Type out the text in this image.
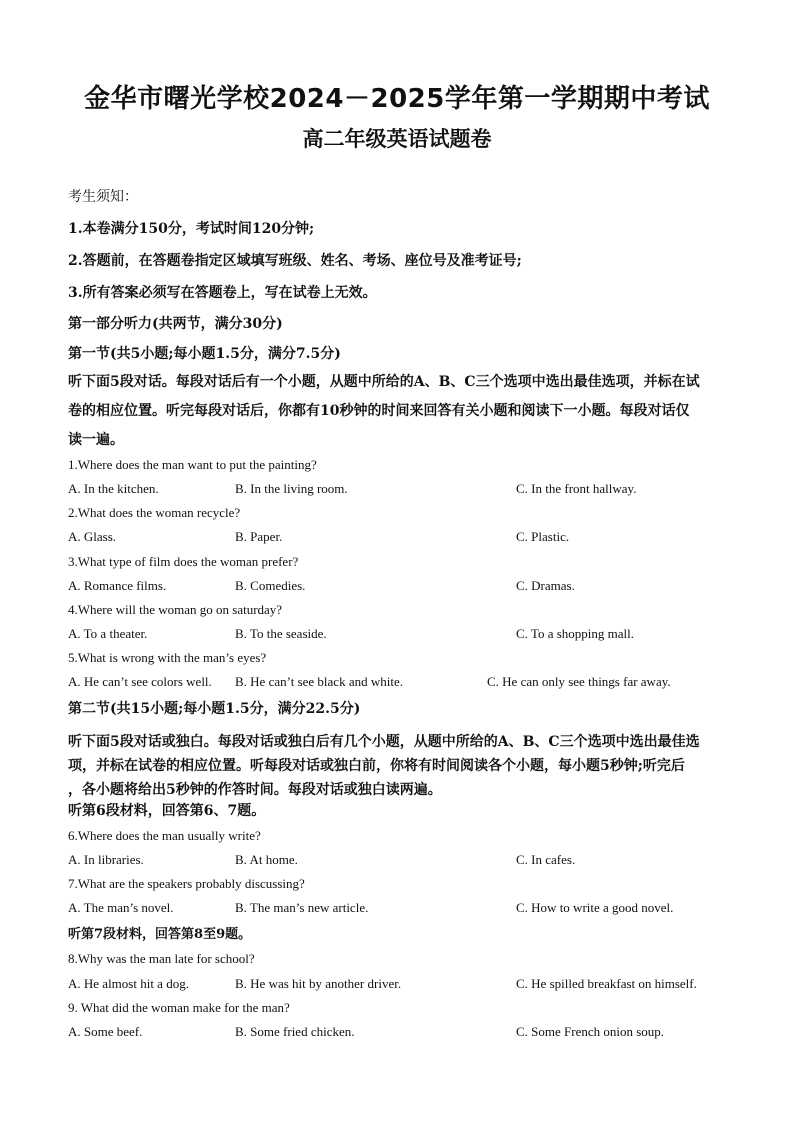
金华市曙光学校2024－2025学年第一学期期中考试
高二年级英语试题卷
考生须知：
1.本卷满分150分，考试时间120分钟;
2.答题前，在答题卷指定区域填写班级、姓名、考场、座位号及准考证号;
3.所有答案必须写在答题卷上，写在试卷上无效。
第一部分听力(共两节，满分30分)
第一节(共5小题;每小题1.5分，满分7.5分)
听下面5段对话。每段对话后有一个小题，从题中所给的A、B、C三个选项中选出最佳选项，并标在试
卷的相应位置。听完每段对话后，你都有10秒钟的时间来回答有关小题和阅读下一小题。每段对话仅
读一遍。
1.Where does the man want to put the painting?
A. In the kitchen.	B. In the living room.	C. In the front hallway.
2.What does the woman recycle?
A. Glass.	B. Paper.	C. Plastic.
3.What type of film does the woman prefer?
A. Romance films.	B. Comedies.	C. Dramas.
4.Where will the woman go on saturday?
A. To a theater.	B. To the seaside.	C. To a shopping mall.
5.What is wrong with the man’s eyes?
A. He can’t see colors well. B. He can’t see black and white.	C. He can only see things far away.
第二节(共15小题;每小题1.5分，满分22.5分)
听下面5段对话或独白。每段对话或独白后有几个小题，从题中所给的A、B、C三个选项中选出最佳选
项，并标在试卷的相应位置。听每段对话或独白前，你将有时间阅读各个小题，每小题5秒钟;听完后
，各小题将给出5秒钟的作答时间。每段对话或独白读两遍。
听第6段材料，回答第6、7题。
6.Where does the man usually write?
A. In libraries.	B. At home.	C. In cafes.
7.What are the speakers probably discussing?
A. The man’s novel.	B. The man’s new article.	C. How to write a good novel.
听第7段材料，回答第8至9题。
8.Why was the man late for school?
A. He almost hit a dog.	B. He was hit by another driver.	C. He spilled breakfast on himself.
9. What did the woman make for the man?
A. Some beef.	B. Some fried chicken.	C. Some French onion soup.
